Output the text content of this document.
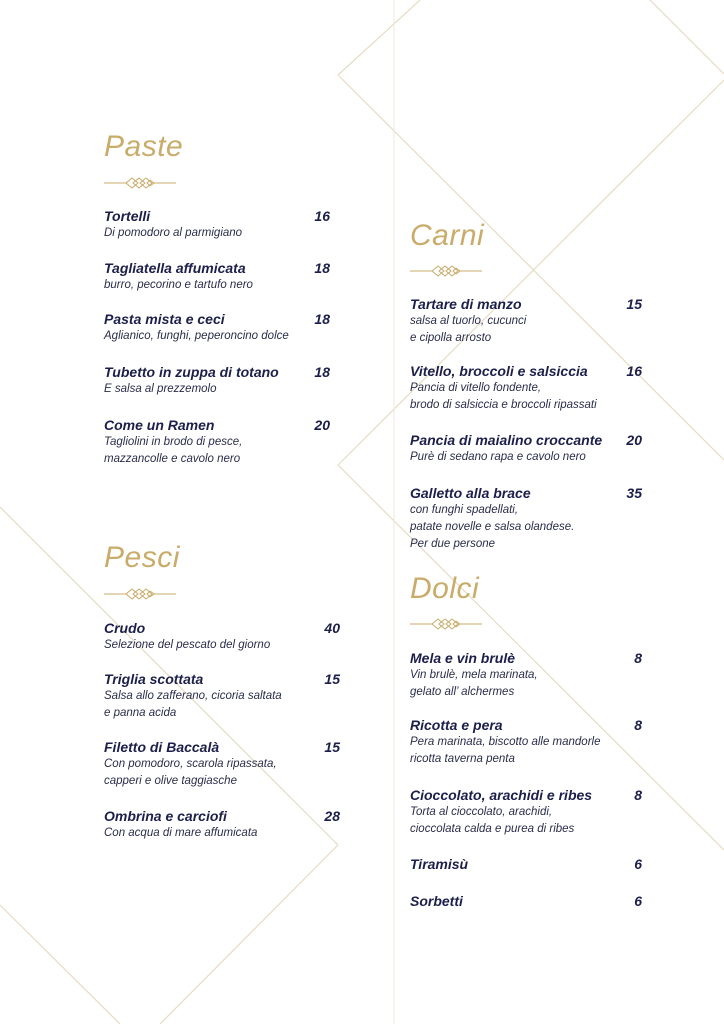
Paste
Tortelli	16
Di pomodoro al parmigiano
Tagliatella affumicata	18
burro, pecorino e tartufo nero
Pasta mista e ceci	18
Aglianico, funghi, peperoncino dolce
Tubetto in zuppa di totano	18
E salsa al prezzemolo
Come un Ramen	20
Tagliolini in brodo di pesce,
mazzancolle e cavolo nero
Pesci
Crudo	40
Selezione del pescato del giorno
Triglia scottata	15
Salsa allo zafferano, cicoria saltata
e panna acida
Filetto di Baccalà	15
Con pomodoro, scarola ripassata,
capperi e olive taggiasche
Ombrina e carciofi	28
Con acqua di mare affumicata
Carni
Tartare di manzo	15
salsa al tuorlo, cucunci
e cipolla arrosto
Vitello, broccoli e salsiccia	16
Pancia di vitello fondente,
brodo di salsiccia e broccoli ripassati
Pancia di maialino croccante	20
Purè di sedano rapa e cavolo nero
Galletto alla brace	35
con funghi spadellati,
patate novelle e salsa olandese.
Per due persone
Dolci
Mela e vin brulè	8
Vin brulè, mela marinata,
gelato all’ alchermes
Ricotta e pera	8
Pera marinata, biscotto alle mandorle
ricotta taverna penta
Cioccolato, arachidi e ribes	8
Torta al cioccolato, arachidi,
cioccolata calda e purea di ribes
Tiramisù	6
Sorbetti	6
